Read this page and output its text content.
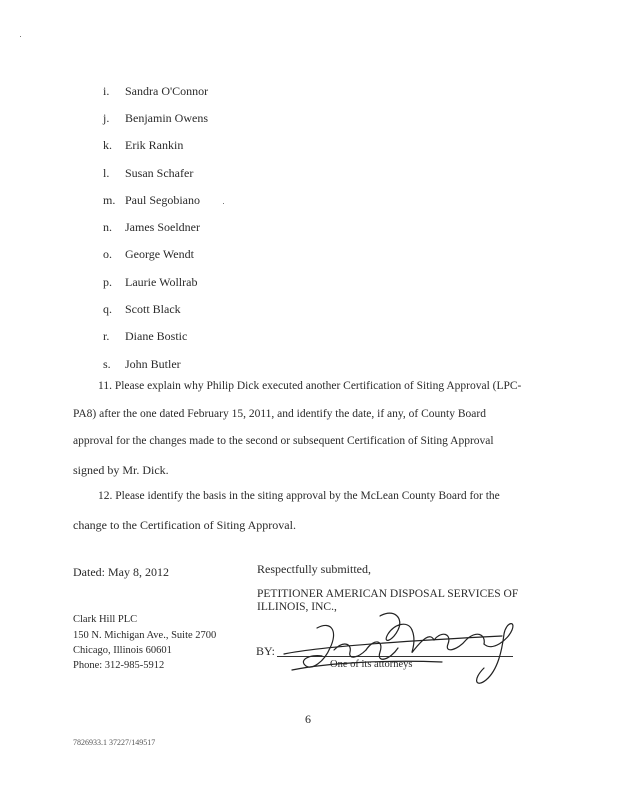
i. Sandra O'Connor
j. Benjamin Owens
k. Erik Rankin
l. Susan Schafer
m. Paul Segobiano
n. James Soeldner
o. George Wendt
p. Laurie Wollrab
q. Scott Black
r. Diane Bostic
s. John Butler
11. Please explain why Philip Dick executed another Certification of Siting Approval (LPC-
PA8) after the one dated February 15, 2011, and identify the date, if any, of County Board
approval for the changes made to the second or subsequent Certification of Siting Approval
signed by Mr. Dick.
12. Please identify the basis in the siting approval by the McLean County Board for the
change to the Certification of Siting Approval.
Dated: May 8, 2012	Respectfully submitted,
PETITIONER AMERICAN DISPOSAL SERVICES OF
ILLINOIS, INC.,
Clark Hill PLC
150 N. Michigan Ave., Suite 2700
Chicago, Illinois 60601
Phone: 312-985-5912
BY:
One of its attorneys
6
7826933.1 37227/149517
